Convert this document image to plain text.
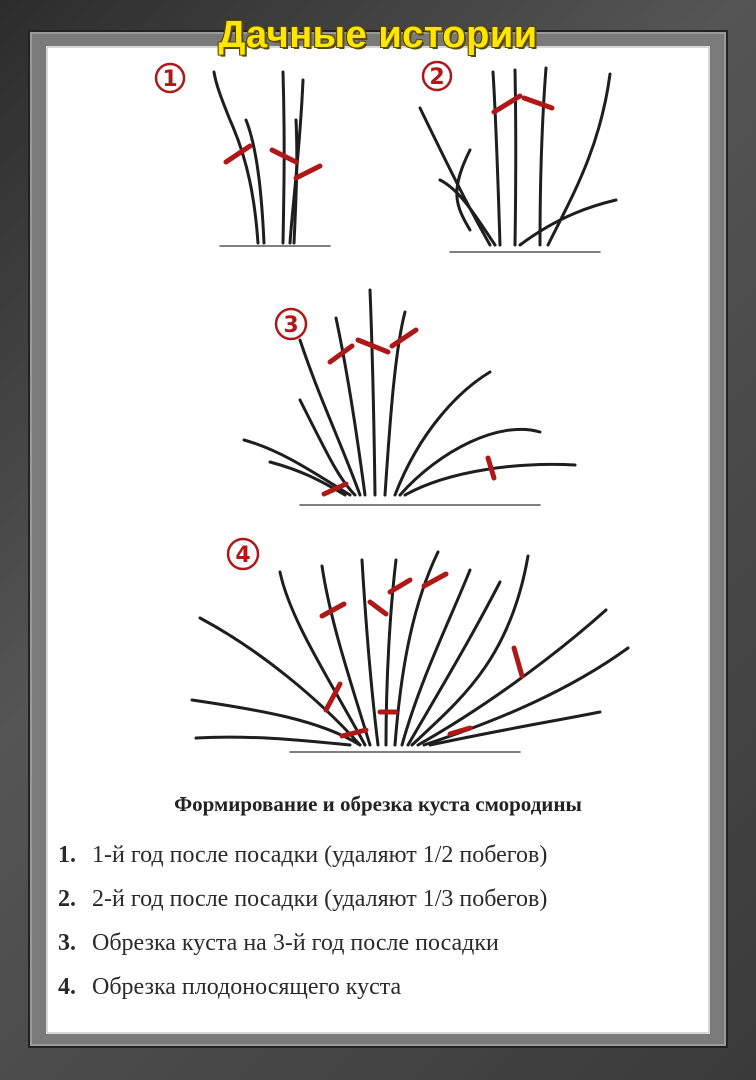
Дачные истории
1	2
3
4
Формирование и обрезка куста смородины
1. 1-й год после посадки (удаляют 1/2 побегов)
2. 2-й год после посадки (удаляют 1/3 побегов)
3. Обрезка куста на 3-й год после посадки
4. Обрезка плодоносящего куста
